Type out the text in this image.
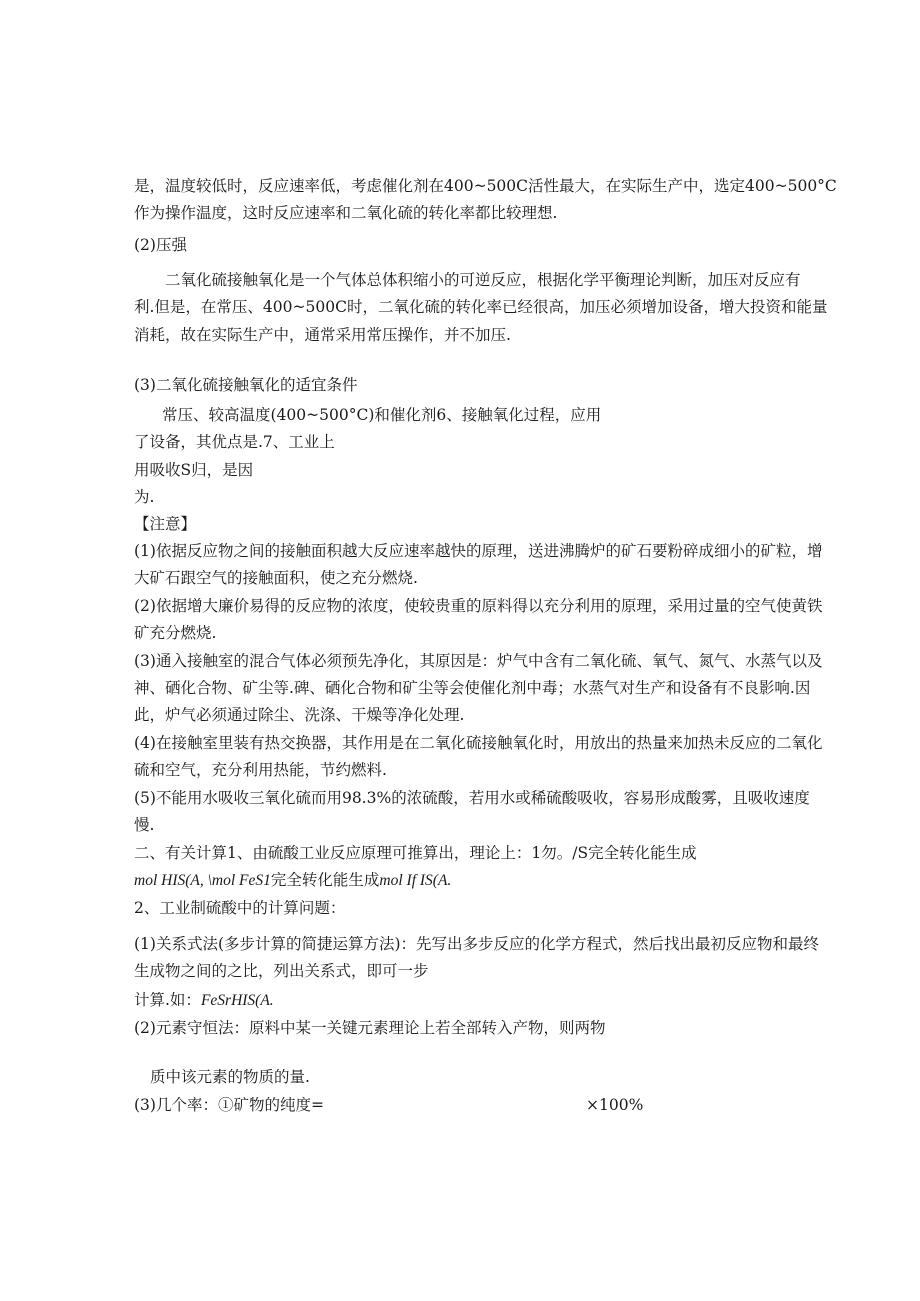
是，温度较低时，反应速率低，考虑催化剂在400~500C活性最大，在实际生产中，选定400~500°C
作为操作温度，这时反应速率和二氧化硫的转化率都比较理想.
(2)压强
二氧化硫接触氧化是一个气体总体积缩小的可逆反应，根据化学平衡理论判断，加压对反应有
利.但是，在常压、400~500C时，二氧化硫的转化率已经很高，加压必须增加设备，增大投资和能量
消耗，故在实际生产中，通常采用常压操作，并不加压.
(3)二氧化硫接触氧化的适宜条件
常压、较高温度(400~500°C)和催化剂6、接触氧化过程，应用
了设备，其优点是.7、工业上
用吸收S归，是因
为.
【注意】
(1)依据反应物之间的接触面积越大反应速率越快的原理，送进沸腾炉的矿石要粉碎成细小的矿粒，增
大矿石跟空气的接触面积，使之充分燃烧.
(2)依据增大廉价易得的反应物的浓度，使较贵重的原料得以充分利用的原理，采用过量的空气使黄铁
矿充分燃烧.
(3)通入接触室的混合气体必须预先净化，其原因是：炉气中含有二氧化硫、氧气、氮气、水蒸气以及
神、硒化合物、矿尘等.碑、硒化合物和矿尘等会使催化剂中毒；水蒸气对生产和设备有不良影响.因
此，炉气必须通过除尘、洗涤、干燥等净化处理.
(4)在接触室里装有热交换器，其作用是在二氧化硫接触氧化时，用放出的热量来加热未反应的二氧化
硫和空气，充分利用热能，节约燃料.
(5)不能用水吸收三氧化硫而用98.3%的浓硫酸，若用水或稀硫酸吸收，容易形成酸雾，且吸收速度
慢.
二、有关计算1、由硫酸工业反应原理可推算出，理论上：1勿。/S完全转化能生成
mol HIS(A, \mol FeS1完全转化能生成mol If IS(A.
2、工业制硫酸中的计算问题：
(1)关系式法(多步计算的简捷运算方法)：先写出多步反应的化学方程式，然后找出最初反应物和最终
生成物之间的之比，列出关系式，即可一步
计算.如：FeSrHIS(A.
(2)元素守恒法：原料中某一关键元素理论上若全部转入产物，则两物
质中该元素的物质的量.
(3)几个率：①矿物的纯度=	×100%
